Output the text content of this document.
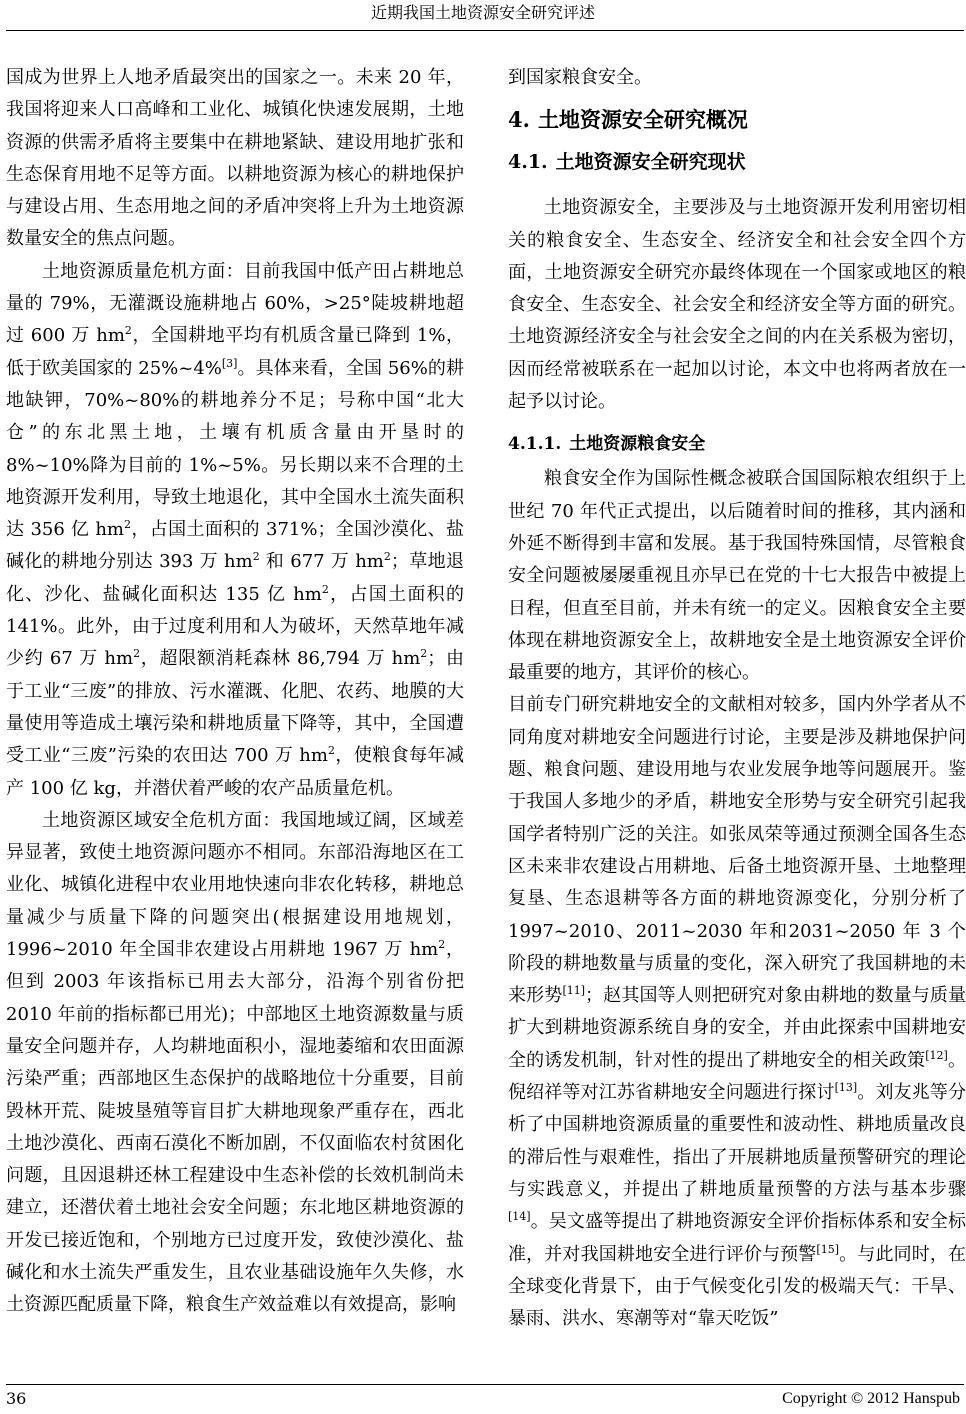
近期我国土地资源安全研究评述

国成为世界上人地矛盾最突出的国家之一。未来 20 年，我国将迎来人口高峰和工业化、城镇化快速发展期，土地资源的供需矛盾将主要集中在耕地紧缺、建设用地扩张和生态保育用地不足等方面。以耕地资源为核心的耕地保护与建设占用、生态用地之间的矛盾冲突将上升为土地资源数量安全的焦点问题。

土地资源质量危机方面：目前我国中低产田占耕地总量的 79%，无灌溉设施耕地占 60%，>25°陡坡耕地超过 600 万 $hm^2$，全国耕地平均有机质含量已降到 1%，低于欧美国家的 25%~4%[3]。具体来看，全国 56%的耕地缺钾，70%~80%的耕地养分不足；号称中国“北大仓”的东北黑土地，土壤有机质含量由开垦时的 8%~10%降为目前的 1%~5%。另长期以来不合理的土地资源开发利用，导致土地退化，其中全国水土流失面积达 356 亿 $hm^2$，占国土面积的 371%；全国沙漠化、盐碱化的耕地分别达 393 万 $hm^2$ 和 677 万 $hm^2$；草地退化、沙化、盐碱化面积达 135 亿 $hm^2$，占国土面积的 141%。此外，由于过度利用和人为破坏，天然草地年减少约 67 万 $hm^2$，超限额消耗森林 86,794 万 $hm^2$；由于工业“三废”的排放、污水灌溉、化肥、农药、地膜的大量使用等造成土壤污染和耕地质量下降等，其中，全国遭受工业“三废”污染的农田达 700 万 $hm^2$，使粮食每年减产 100 亿 kg，并潜伏着严峻的农产品质量危机。

土地资源区域安全危机方面：我国地域辽阔，区域差异显著，致使土地资源问题亦不相同。东部沿海地区在工业化、城镇化进程中农业用地快速向非农化转移，耕地总量减少与质量下降的问题突出(根据建设用地规划，1996~2010 年全国非农建设占用耕地 1967 万 $hm^2$，但到 2003 年该指标已用去大部分，沿海个别省份把 2010 年前的指标都已用光)；中部地区土地资源数量与质量安全问题并存，人均耕地面积小，湿地萎缩和农田面源污染严重；西部地区生态保护的战略地位十分重要，目前毁林开荒、陡坡垦殖等盲目扩大耕地现象严重存在，西北土地沙漠化、西南石漠化不断加剧，不仅面临农村贫困化问题，且因退耕还林工程建设中生态补偿的长效机制尚未建立，还潜伏着土地社会安全问题；东北地区耕地资源的开发已接近饱和，个别地方已过度开发，致使沙漠化、盐碱化和水土流失严重发生，且农业基础设施年久失修，水土资源匹配质量下降，粮食生产效益难以有效提高，影响

到国家粮食安全。

4. 土地资源安全研究概况
4.1. 土地资源安全研究现状

土地资源安全，主要涉及与土地资源开发利用密切相关的粮食安全、生态安全、经济安全和社会安全四个方面，土地资源安全研究亦最终体现在一个国家或地区的粮食安全、生态安全、社会安全和经济安全等方面的研究。土地资源经济安全与社会安全之间的内在关系极为密切，因而经常被联系在一起加以讨论，本文中也将两者放在一起予以讨论。

4.1.1. 土地资源粮食安全

粮食安全作为国际性概念被联合国国际粮农组织于上世纪 70 年代正式提出，以后随着时间的推移，其内涵和外延不断得到丰富和发展。基于我国特殊国情，尽管粮食安全问题被屡屡重视且亦早已在党的十七大报告中被提上日程，但直至目前，并未有统一的定义。因粮食安全主要体现在耕地资源安全上，故耕地安全是土地资源安全评价最重要的地方，其评价的核心。

目前专门研究耕地安全的文献相对较多，国内外学者从不同角度对耕地安全问题进行讨论，主要是涉及耕地保护问题、粮食问题、建设用地与农业发展争地等问题展开。鉴于我国人多地少的矛盾，耕地安全形势与安全研究引起我国学者特别广泛的关注。如张凤荣等通过预测全国各生态区未来非农建设占用耕地、后备土地资源开垦、土地整理复垦、生态退耕等各方面的耕地资源变化，分别分析了 1997~2010、2011~2030 年和2031~2050 年 3 个阶段的耕地数量与质量的变化，深入研究了我国耕地的未来形势[11]；赵其国等人则把研究对象由耕地的数量与质量扩大到耕地资源系统自身的安全，并由此探索中国耕地安全的诱发机制，针对性的提出了耕地安全的相关政策[12]。倪绍祥等对江苏省耕地安全问题进行探讨[13]。刘友兆等分析了中国耕地资源质量的重要性和波动性、耕地质量改良的滞后性与艰难性，指出了开展耕地质量预警研究的理论与实践意义，并提出了耕地质量预警的方法与基本步骤[14]。吴文盛等提出了耕地资源安全评价指标体系和安全标准，并对我国耕地安全进行评价与预警[15]。与此同时，在全球变化背景下，由于气候变化引发的极端天气：干旱、暴雨、洪水、寒潮等对“靠天吃饭”

36	Copyright © 2012 Hanspub
